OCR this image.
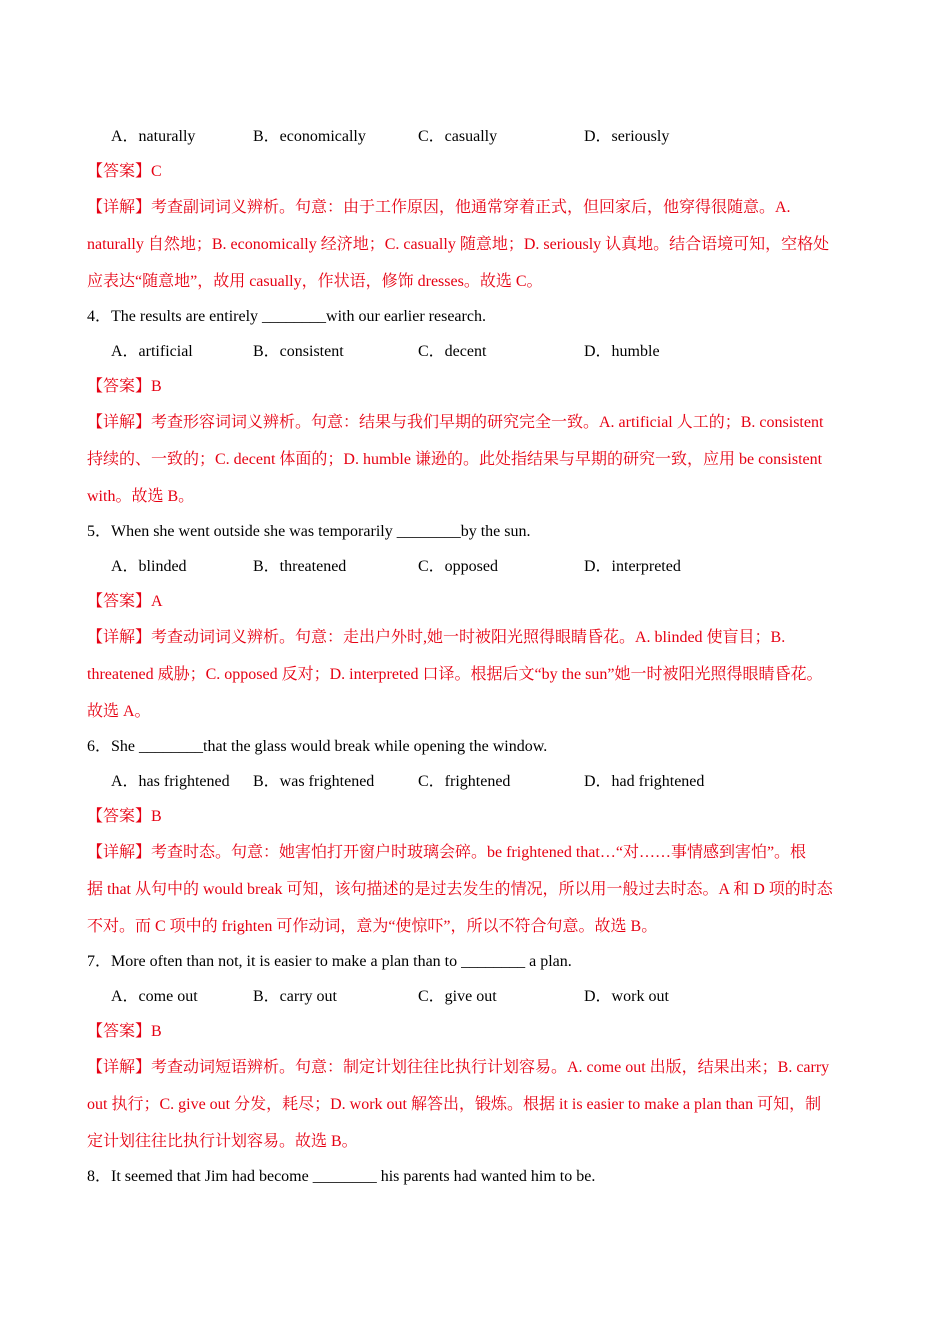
A．naturally	B．economically	C．casually	D．seriously
【答案】C
【详解】考查副词词义辨析。句意：由于工作原因，他通常穿着正式，但回家后，他穿得很随意。A.
naturally 自然地；B. economically 经济地；C. casually 随意地；D. seriously 认真地。结合语境可知，空格处
应表达“随意地”，故用 casually，作状语，修饰 dresses。故选 C。
4．The results are entirely ________with our earlier research.
A．artificial	B．consistent	C．decent	D．humble
【答案】B
【详解】考查形容词词义辨析。句意：结果与我们早期的研究完全一致。A. artificial 人工的；B. consistent
持续的、一致的；C. decent 体面的；D. humble 谦逊的。此处指结果与早期的研究一致，应用 be consistent
with。故选 B。
5．When she went outside she was temporarily ________by the sun.
A．blinded	B．threatened	C．opposed	D．interpreted
【答案】A
【详解】考查动词词义辨析。句意：走出户外时,她一时被阳光照得眼睛昏花。A. blinded 使盲目；B.
threatened 威胁；C. opposed 反对；D. interpreted 口译。根据后文“by the sun”她一时被阳光照得眼睛昏花。
故选 A。
6．She ________that the glass would break while opening the window.
A．has frightened B．was frightened	C．frightened	D．had frightened
【答案】B
【详解】考查时态。句意：她害怕打开窗户时玻璃会碎。be frightened that…“对……事情感到害怕”。根
据 that 从句中的 would break 可知，该句描述的是过去发生的情况，所以用一般过去时态。A 和 D 项的时态
不对。而 C 项中的 frighten 可作动词，意为“使惊吓”，所以不符合句意。故选 B。
7．More often than not, it is easier to make a plan than to ________ a plan.
A．come out	B．carry out	C．give out	D．work out
【答案】B
【详解】考查动词短语辨析。句意：制定计划往往比执行计划容易。A. come out 出版，结果出来；B. carry
out 执行；C. give out 分发，耗尽；D. work out 解答出，锻炼。根据 it is easier to make a plan than 可知，制
定计划往往比执行计划容易。故选 B。
8．It seemed that Jim had become ________ his parents had wanted him to be.
